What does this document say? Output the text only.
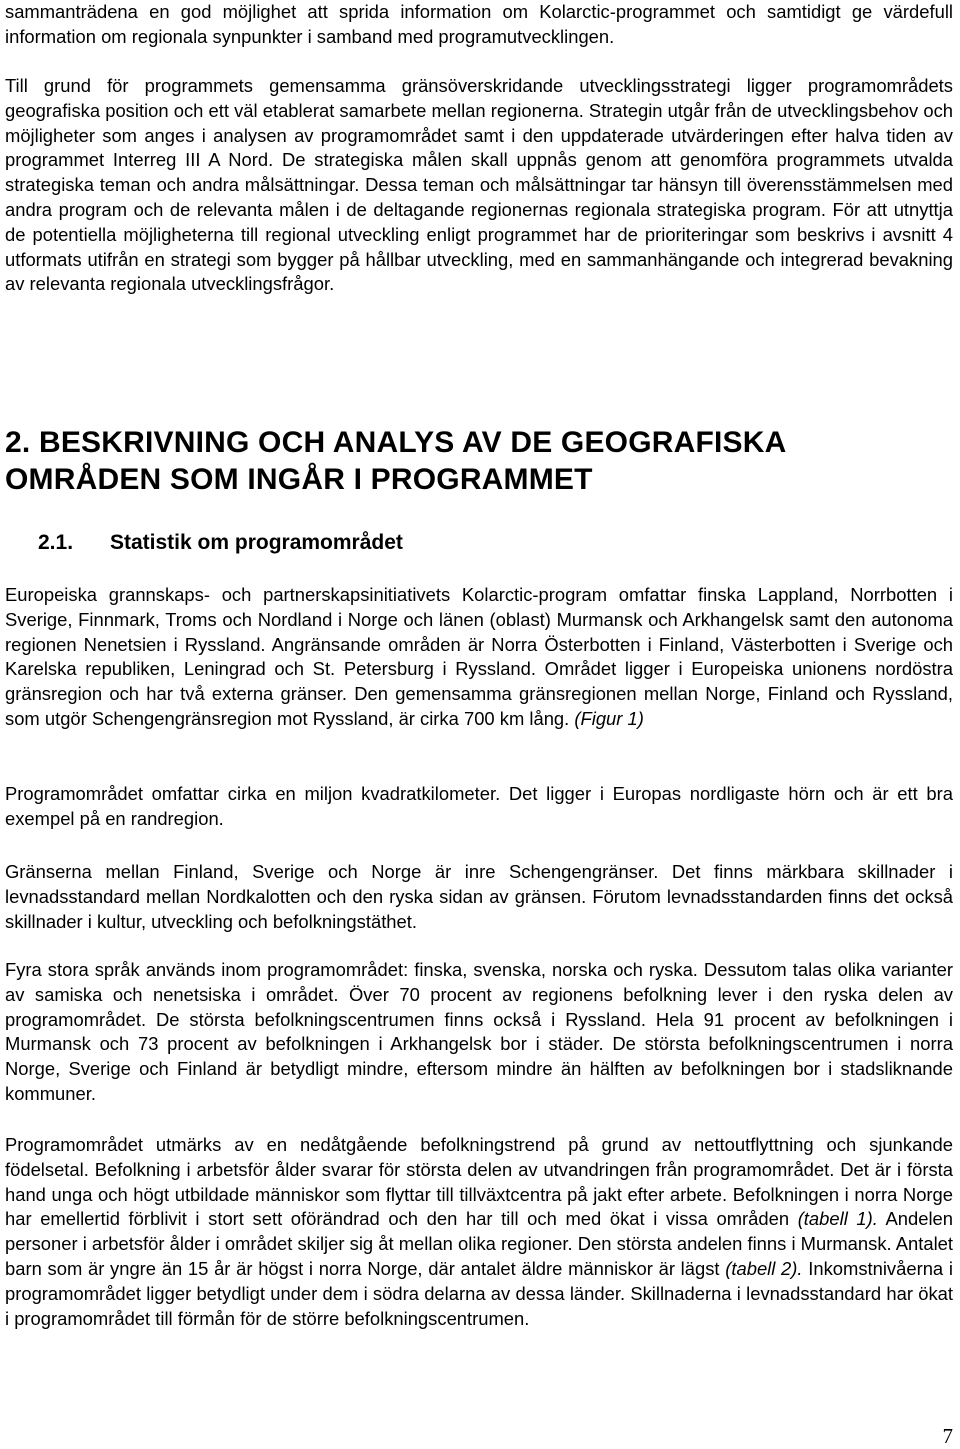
sammanträdena en god möjlighet att sprida information om Kolarctic-programmet och samtidigt ge värdefull information om regionala synpunkter i samband med programutvecklingen.

Till grund för programmets gemensamma gränsöverskridande utvecklingsstrategi ligger programområdets geografiska position och ett väl etablerat samarbete mellan regionerna. Strategin utgår från de utvecklingsbehov och möjligheter som anges i analysen av programområdet samt i den uppdaterade utvärderingen efter halva tiden av programmet Interreg III A Nord. De strategiska målen skall uppnås genom att genomföra programmets utvalda strategiska teman och andra målsättningar. Dessa teman och målsättningar tar hänsyn till överensstämmelsen med andra program och de relevanta målen i de deltagande regionernas regionala strategiska program. För att utnyttja de potentiella möjligheterna till regional utveckling enligt programmet har de prioriteringar som beskrivs i avsnitt 4 utformats utifrån en strategi som bygger på hållbar utveckling, med en sammanhängande och integrerad bevakning av relevanta regionala utvecklingsfrågor.

2. BESKRIVNING OCH ANALYS AV DE GEOGRAFISKA OMRÅDEN SOM INGÅR I PROGRAMMET
2.1. Statistik om programområdet

Europeiska grannskaps- och partnerskapsinitiativets Kolarctic-program omfattar finska Lappland, Norrbotten i Sverige, Finnmark, Troms och Nordland i Norge och länen (oblast) Murmansk och Arkhangelsk samt den autonoma regionen Nenetsien i Ryssland. Angränsande områden är Norra Österbotten i Finland, Västerbotten i Sverige och Karelska republiken, Leningrad och St. Petersburg i Ryssland. Området ligger i Europeiska unionens nordöstra gränsregion och har två externa gränser. Den gemensamma gränsregionen mellan Norge, Finland och Ryssland, som utgör Schengengränsregion mot Ryssland, är cirka 700 km lång. (Figur 1)

Programområdet omfattar cirka en miljon kvadratkilometer. Det ligger i Europas nordligaste hörn och är ett bra exempel på en randregion.

Gränserna mellan Finland, Sverige och Norge är inre Schengengränser. Det finns märkbara skillnader i levnadsstandard mellan Nordkalotten och den ryska sidan av gränsen. Förutom levnadsstandarden finns det också skillnader i kultur, utveckling och befolkningstäthet.

Fyra stora språk används inom programområdet: finska, svenska, norska och ryska. Dessutom talas olika varianter av samiska och nenetsiska i området. Över 70 procent av regionens befolkning lever i den ryska delen av programområdet. De största befolkningscentrumen finns också i Ryssland. Hela 91 procent av befolkningen i Murmansk och 73 procent av befolkningen i Arkhangelsk bor i städer. De största befolkningscentrumen i norra Norge, Sverige och Finland är betydligt mindre, eftersom mindre än hälften av befolkningen bor i stadsliknande kommuner.

Programområdet utmärks av en nedåtgående befolkningstrend på grund av nettoutflyttning och sjunkande födelsetal. Befolkning i arbetsför ålder svarar för största delen av utvandringen från programområdet. Det är i första hand unga och högt utbildade människor som flyttar till tillväxtcentra på jakt efter arbete. Befolkningen i norra Norge har emellertid förblivit i stort sett oförändrad och den har till och med ökat i vissa områden (tabell 1). Andelen personer i arbetsför ålder i området skiljer sig åt mellan olika regioner. Den största andelen finns i Murmansk. Antalet barn som är yngre än 15 år är högst i norra Norge, där antalet äldre människor är lägst (tabell 2). Inkomstnivåerna i programområdet ligger betydligt under dem i södra delarna av dessa länder. Skillnaderna i levnadsstandard har ökat i programområdet till förmån för de större befolkningscentrumen.

7
